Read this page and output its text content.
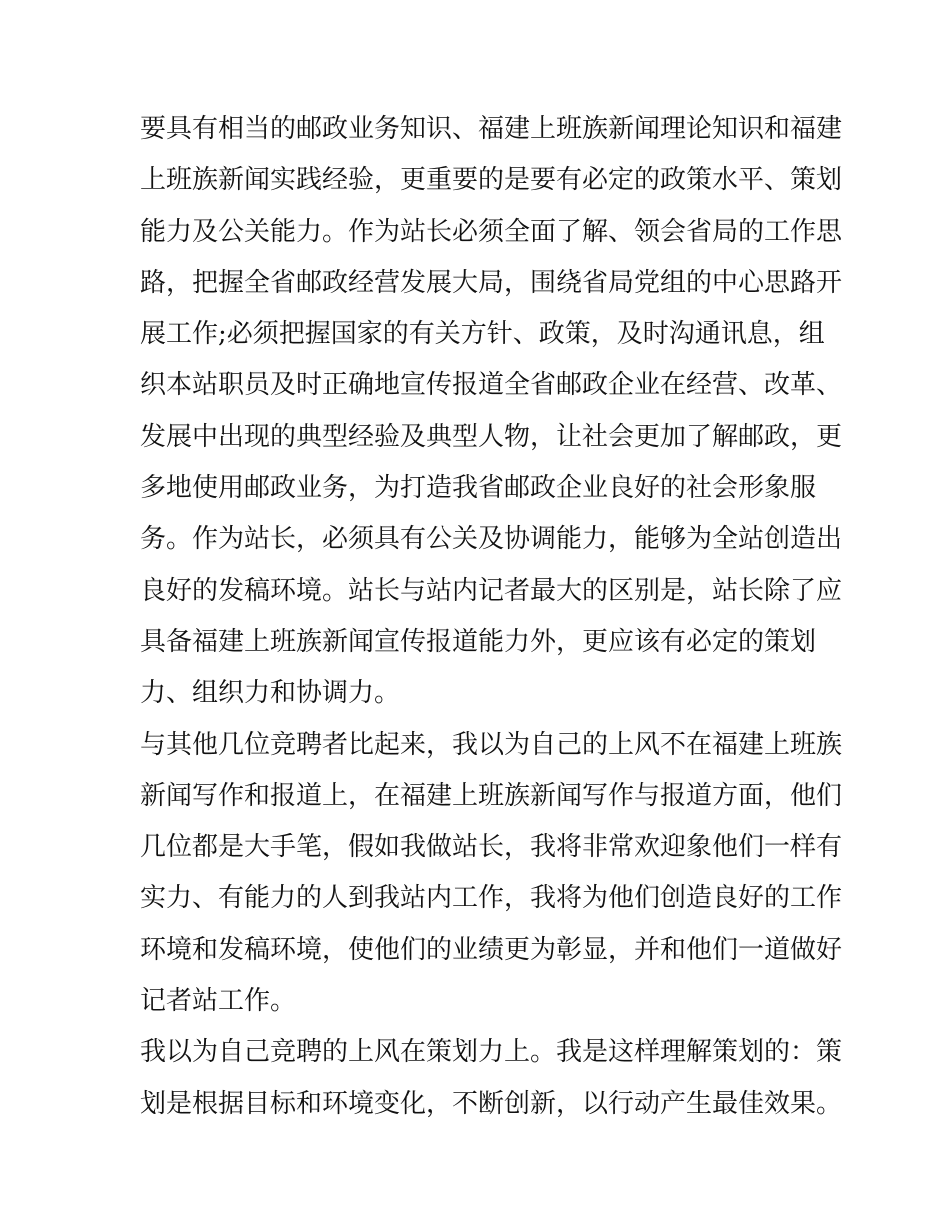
要具有相当的邮政业务知识、福建上班族新闻理论知识和福建
上班族新闻实践经验，更重要的是要有必定的政策水平、策划
能力及公关能力。作为站长必须全面了解、领会省局的工作思
路，把握全省邮政经营发展大局，围绕省局党组的中心思路开
展工作;必须把握国家的有关方针、政策，及时沟通讯息，组
织本站职员及时正确地宣传报道全省邮政企业在经营、改革、
发展中出现的典型经验及典型人物，让社会更加了解邮政，更
多地使用邮政业务，为打造我省邮政企业良好的社会形象服
务。作为站长，必须具有公关及协调能力，能够为全站创造出
良好的发稿环境。站长与站内记者最大的区别是，站长除了应
具备福建上班族新闻宣传报道能力外，更应该有必定的策划
力、组织力和协调力。
与其他几位竞聘者比起来，我以为自己的上风不在福建上班族
新闻写作和报道上，在福建上班族新闻写作与报道方面，他们
几位都是大手笔，假如我做站长，我将非常欢迎象他们一样有
实力、有能力的人到我站内工作，我将为他们创造良好的工作
环境和发稿环境，使他们的业绩更为彰显，并和他们一道做好
记者站工作。
我以为自己竞聘的上风在策划力上。我是这样理解策划的：策
划是根据目标和环境变化，不断创新，以行动产生最佳效果。
